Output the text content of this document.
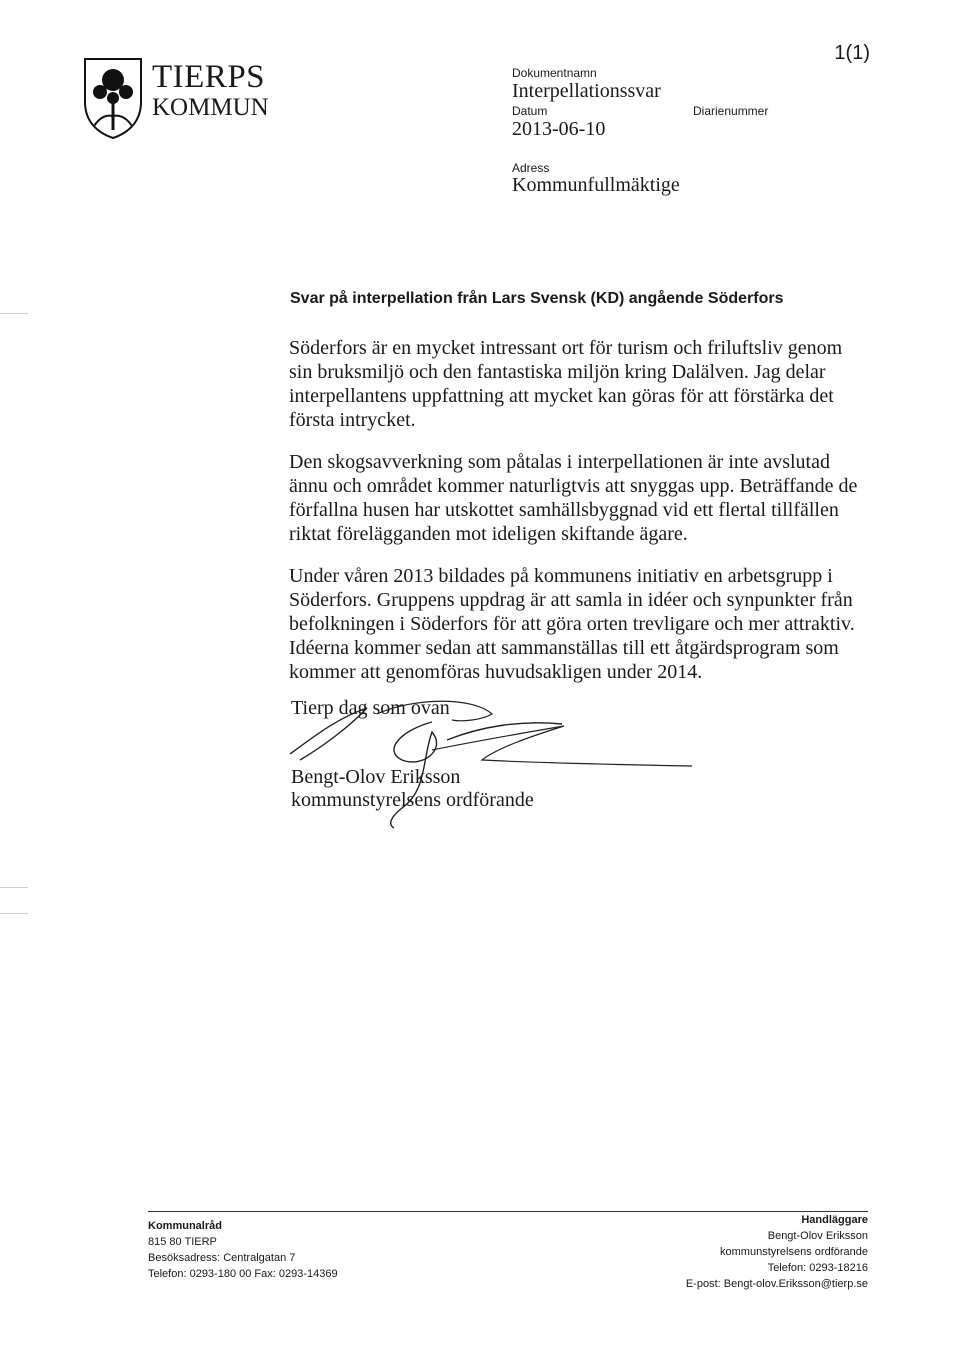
TIERPS
KOMMUN
1(1)
Dokumentnamn
Interpellationssvar
Datum	Diarienummer
2013-06-10
Adress
Kommunfullmäktige
Svar på interpellation från Lars Svensk (KD) angående Söderfors

Söderfors är en mycket intressant ort för turism och friluftsliv genom sin bruksmiljö och den fantastiska miljön kring Dalälven. Jag delar interpellantens uppfattning att mycket kan göras för att förstärka det första intrycket.

Den skogsavverkning som påtalas i interpellationen är inte avslutad ännu och området kommer naturligtvis att snyggas upp. Beträffande de förfallna husen har utskottet samhällsbyggnad vid ett flertal tillfällen riktat förelägganden mot ideligen skiftande ägare.

Under våren 2013 bildades på kommunens initiativ en arbetsgrupp i Söderfors. Gruppens uppdrag är att samla in idéer och synpunkter från befolkningen i Söderfors för att göra orten trevligare och mer attraktiv. Idéerna kommer sedan att sammanställas till ett åtgärdsprogram som kommer att genomföras huvudsakligen under 2014.

Tierp dag som ovan
Bengt-Olov Eriksson
kommunstyrelsens ordförande
Kommunalråd
815 80 TIERP
Besöksadress: Centralgatan 7
Telefon: 0293-180 00 Fax: 0293-14369
Handläggare
Bengt-Olov Eriksson
kommunstyrelsens ordförande
Telefon: 0293-18216
E-post: Bengt-olov.Eriksson@tierp.se
